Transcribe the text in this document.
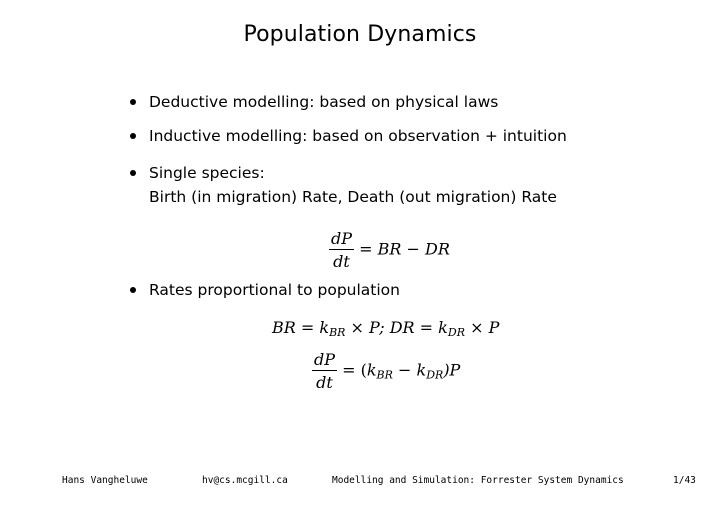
Population Dynamics
Deductive modelling: based on physical laws
Inductive modelling: based on observation + intuition
Single species:
Birth (in migration) Rate, Death (out migration) Rate
$\frac{dP}{dt}$ = BR − DR
Rates proportional to population
BR = $k_{BR} \times P$; DR = $k_{DR} \times P$
$\frac{dP}{dt} = (k_{BR} - k_{DR})P$
Hans Vangheluwe	hv@cs.mcgill.ca	Modelling and Simulation: Forrester System Dynamics	1/43
